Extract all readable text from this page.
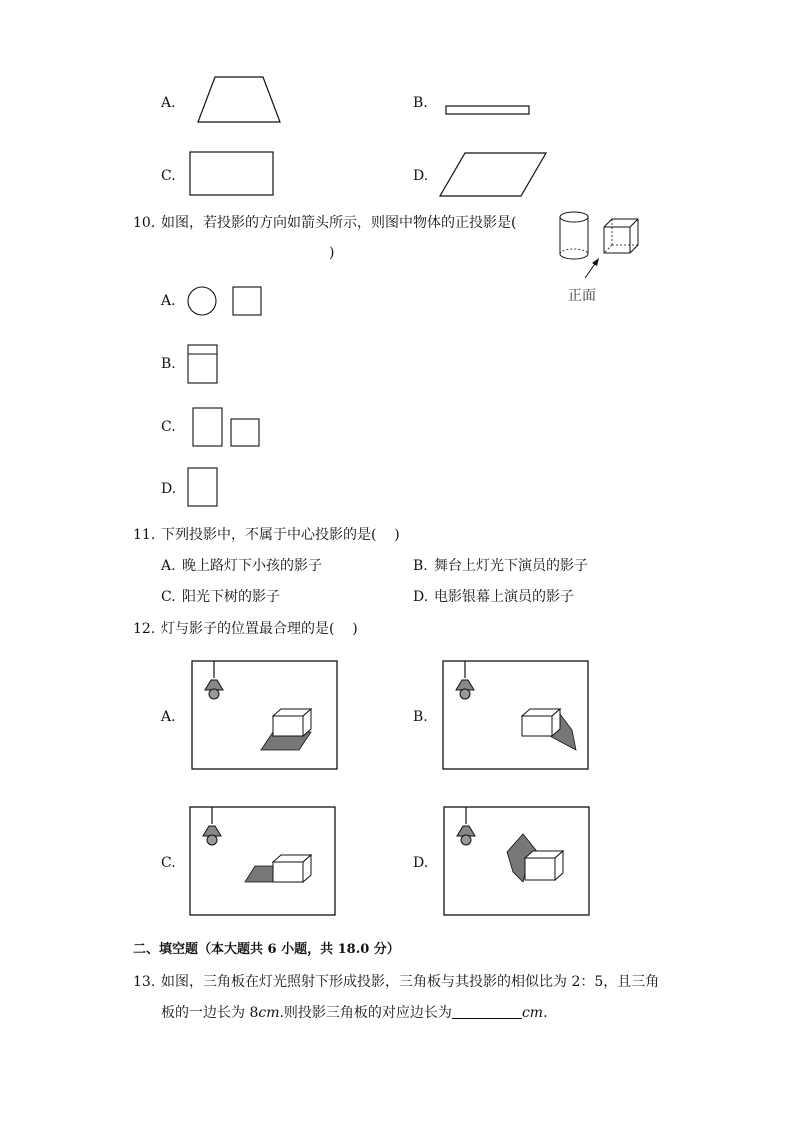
A.	B.
C.	D.
10. 如图，若投影的方向如箭头所示，则图中物体的正投影是(
)
正面
A.
B.
C.
D.
11. 下列投影中，不属于中心投影的是(    )
A. 晚上路灯下小孩的影子	B. 舞台上灯光下演员的影子
C. 阳光下树的影子	D. 电影银幕上演员的影子
12. 灯与影子的位置最合理的是(    )
A.	B.
C.	D.
二、填空题（本大题共 6 小题，共 18.0 分）
13. 如图，三角板在灯光照射下形成投影，三角板与其投影的相似比为 2：5，且三角
板的一边长为 8cm.则投影三角板的对应边长为	cm.
